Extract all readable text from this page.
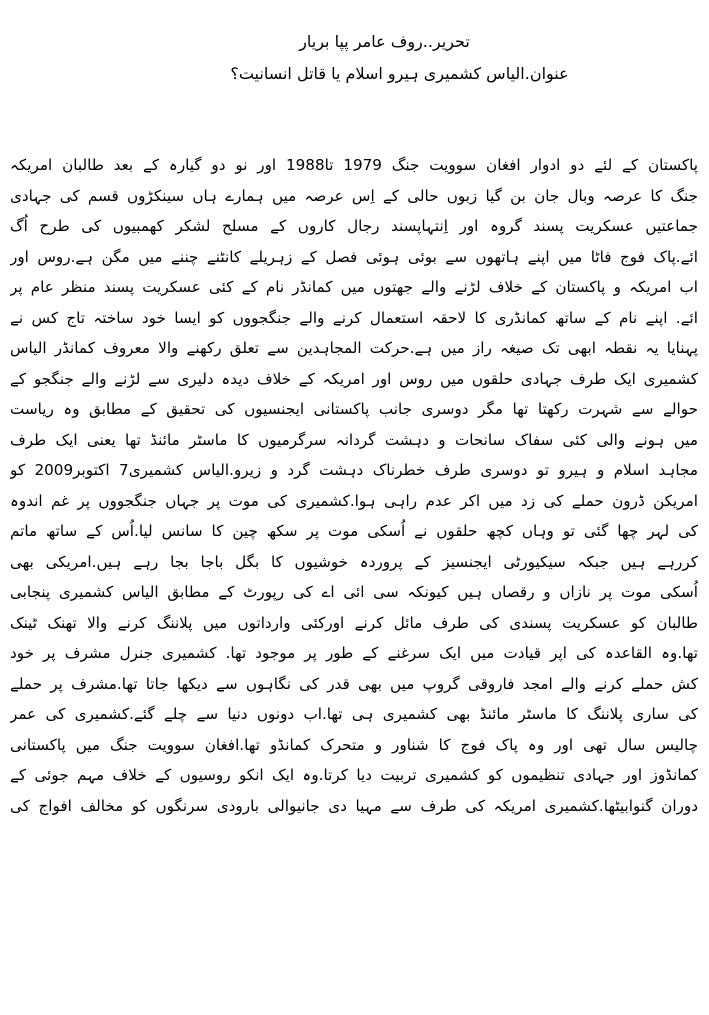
تحریر..روف عامر پپا بریار
عنوان.الیاس کشمیری ہیرو اسلام یا قاتل انسانیت؟
پاکستان کے لئے دو ادوار افغان سوویت جنگ 1979 تا1988 اور نو دو گیارہ کے بعد طالبان امریکہ
جنگ کا عرصہ وبال جان بن گیا زبوں حالی کے اِس عرصہ میں ہمارے ہاں سینکڑوں قسم کی جہادی
جماعتیں عسکریت پسند گروہ اور اِنتہاپسند رجال کاروں کے مسلح لشکر کھمبیوں کی طرح اُگ
ائے.پاک فوج فاٹا میں اپنے ہاتھوں سے بوئی ہوئی فصل کے زہریلے کانٹنے چننے میں مگن ہے.روس اور
اب امریکہ و پاکستان کے خلاف لڑنے والے جھتوں میں کمانڈر نام کے کئی عسکریت پسند منظر عام پر
ائے. اپنے نام کے ساتھ کمانڈری کا لاحقہ استعمال کرنے والے جنگجووں کو ایسا خود ساختہ تاج کس نے
پہنایا یہ نقطہ ابھی تک صیغہ راز میں ہے.حرکت المجاہدین سے تعلق رکھنے والا معروف کمانڈر الیاس
کشمیری ایک طرف جہادی حلقوں میں روس اور امریکہ کے خلاف دیدہ دلیری سے لڑنے والے جنگجو کے
حوالے سے شہرت رکھتا تھا مگر دوسری جانب پاکستانی ایجنسیوں کی تحقیق کے مطابق وہ ریاست
میں ہونے والی کئی سفاک سانحات و دہشت گردانہ سرگرمیوں کا ماسٹر مائنڈ تھا یعنی ایک طرف
مجاہد اسلام و ہیرو تو دوسری طرف خطرناک دہشت گرد و زیرو.الیاس کشمیری7 اکتوبر2009 کو
امریکن ڈرون حملے کی زد میں اکر عدم راہی ہوا.کشمیری کی موت پر جہاں جنگجووں پر غم اندوہ
کی لہر چھا گئی تو وہاں کچھ حلقوں نے اُسکی موت پر سکھ چین کا سانس لیا.اُس کے ساتھ ماتم
کررہے ہیں جبکہ سیکیورٹی ایجنسیز کے پروردہ خوشیوں کا بگل باجا بجا رہے ہیں.امریکی بھی
اُسکی موت پر نازاں و رقصاں ہیں کیونکہ سی ائی اے کی رپورٹ کے مطابق الیاس کشمیری پنجابی
طالبان کو عسکریت پسندی کی طرف مائل کرنے اورکئی وارداتوں میں پلاننگ کرنے والا تھنک ٹینک
تھا.وہ القاعدہ کی اپر قیادت میں ایک سرغنے کے طور پر موجود تھا. کشمیری جنرل مشرف پر خود
کش حملے کرنے والے امجد فاروقی گروپ میں بھی قدر کی نگاہوں سے دیکھا جاتا تھا.مشرف پر حملے
کی ساری پلاننگ کا ماسٹر مائنڈ بھی کشمیری ہی تھا.اب دونوں دنیا سے چلے گئے.کشمیری کی عمر
چالیس سال تھی اور وہ پاک فوج کا شناور و متحرک کمانڈو تھا.افغان سوویت جنگ میں پاکستانی
کمانڈوز اور جہادی تنظیموں کو کشمیری تربیت دیا کرتا.وہ ایک انکو روسیوں کے خلاف مہم جوئی کے
دوران گنوابیٹھا.کشمیری امریکہ کی طرف سے مہیا دی جانیوالی بارودی سرنگوں کو مخالف افواج کی
